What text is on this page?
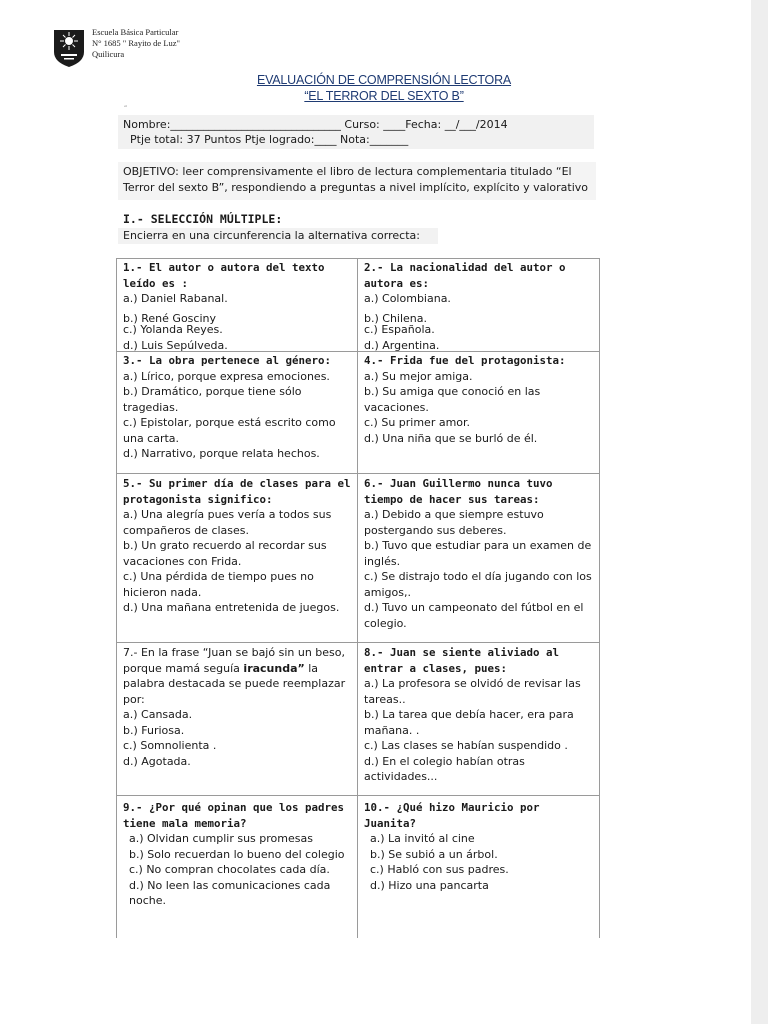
Escuela Básica Particular
N° 1685 " Rayito de Luz"
Quilicura
EVALUACIÓN DE COMPRENSIÓN LECTORA
“EL TERROR DEL SEXTO B”
”
Nombre:_______________________________ Curso: ____Fecha: __/___/2014
Ptje total: 37 Puntos Ptje logrado:____ Nota:_______
OBJETIVO: leer comprensivamente el libro de lectura complementaria titulado “El Terror del sexto B”, respondiendo a preguntas a nivel implícito, explícito y valorativo
I.- SELECCIÓN MÚLTIPLE:
Encierra en una circunferencia la alternativa correcta:
1.- El autor o autora del texto leído es :
a.) Daniel Rabanal.
b.) René Gosciny
c.) Yolanda Reyes.
d.) Luis Sepúlveda.
2.- La nacionalidad del autor o autora es:
a.) Colombiana.
b.) Chilena.
c.) Española.
d.) Argentina.
3.- La obra pertenece al género:
a.) Lírico, porque expresa emociones.
b.) Dramático, porque tiene sólo tragedias.
c.) Epistolar, porque está escrito como una carta.
d.) Narrativo, porque relata hechos.
4.- Frida fue del protagonista:
a.) Su mejor amiga.
b.) Su amiga que conoció en las vacaciones.
c.) Su primer amor.
d.) Una niña que se burló de él.
5.- Su primer día de clases para el protagonista significo:
a.) Una alegría pues vería a todos sus compañeros de clases.
b.) Un grato recuerdo al recordar sus vacaciones con Frida.
c.) Una pérdida de tiempo pues no hicieron nada.
d.) Una mañana entretenida de juegos.
6.- Juan Guillermo nunca tuvo tiempo de hacer sus tareas:
a.) Debido a que siempre estuvo postergando sus deberes.
b.) Tuvo que estudiar para un examen de inglés.
c.) Se distrajo todo el día jugando con los amigos,.
d.) Tuvo un campeonato del fútbol en el colegio.
7.- En la frase “Juan se bajó sin un beso, porque mamá seguía iracunda” la palabra destacada se puede reemplazar por:
a.) Cansada.
b.) Furiosa.
c.) Somnolienta .
d.) Agotada.
8.- Juan se siente aliviado al entrar a clases, pues:
a.) La profesora se olvidó de revisar las tareas..
b.) La tarea que debía hacer, era para mañana. .
c.) Las clases se habían suspendido .
d.) En el colegio habían otras actividades...
9.- ¿Por qué opinan que los padres tiene mala memoria?
a.) Olvidan cumplir sus promesas
b.) Solo recuerdan lo bueno del colegio
c.) No compran chocolates cada día.
d.) No leen las comunicaciones cada noche.
10.- ¿Qué hizo Mauricio por Juanita?
a.) La invitó al cine
b.) Se subió a un árbol.
c.) Habló con sus padres.
d.) Hizo una pancarta
